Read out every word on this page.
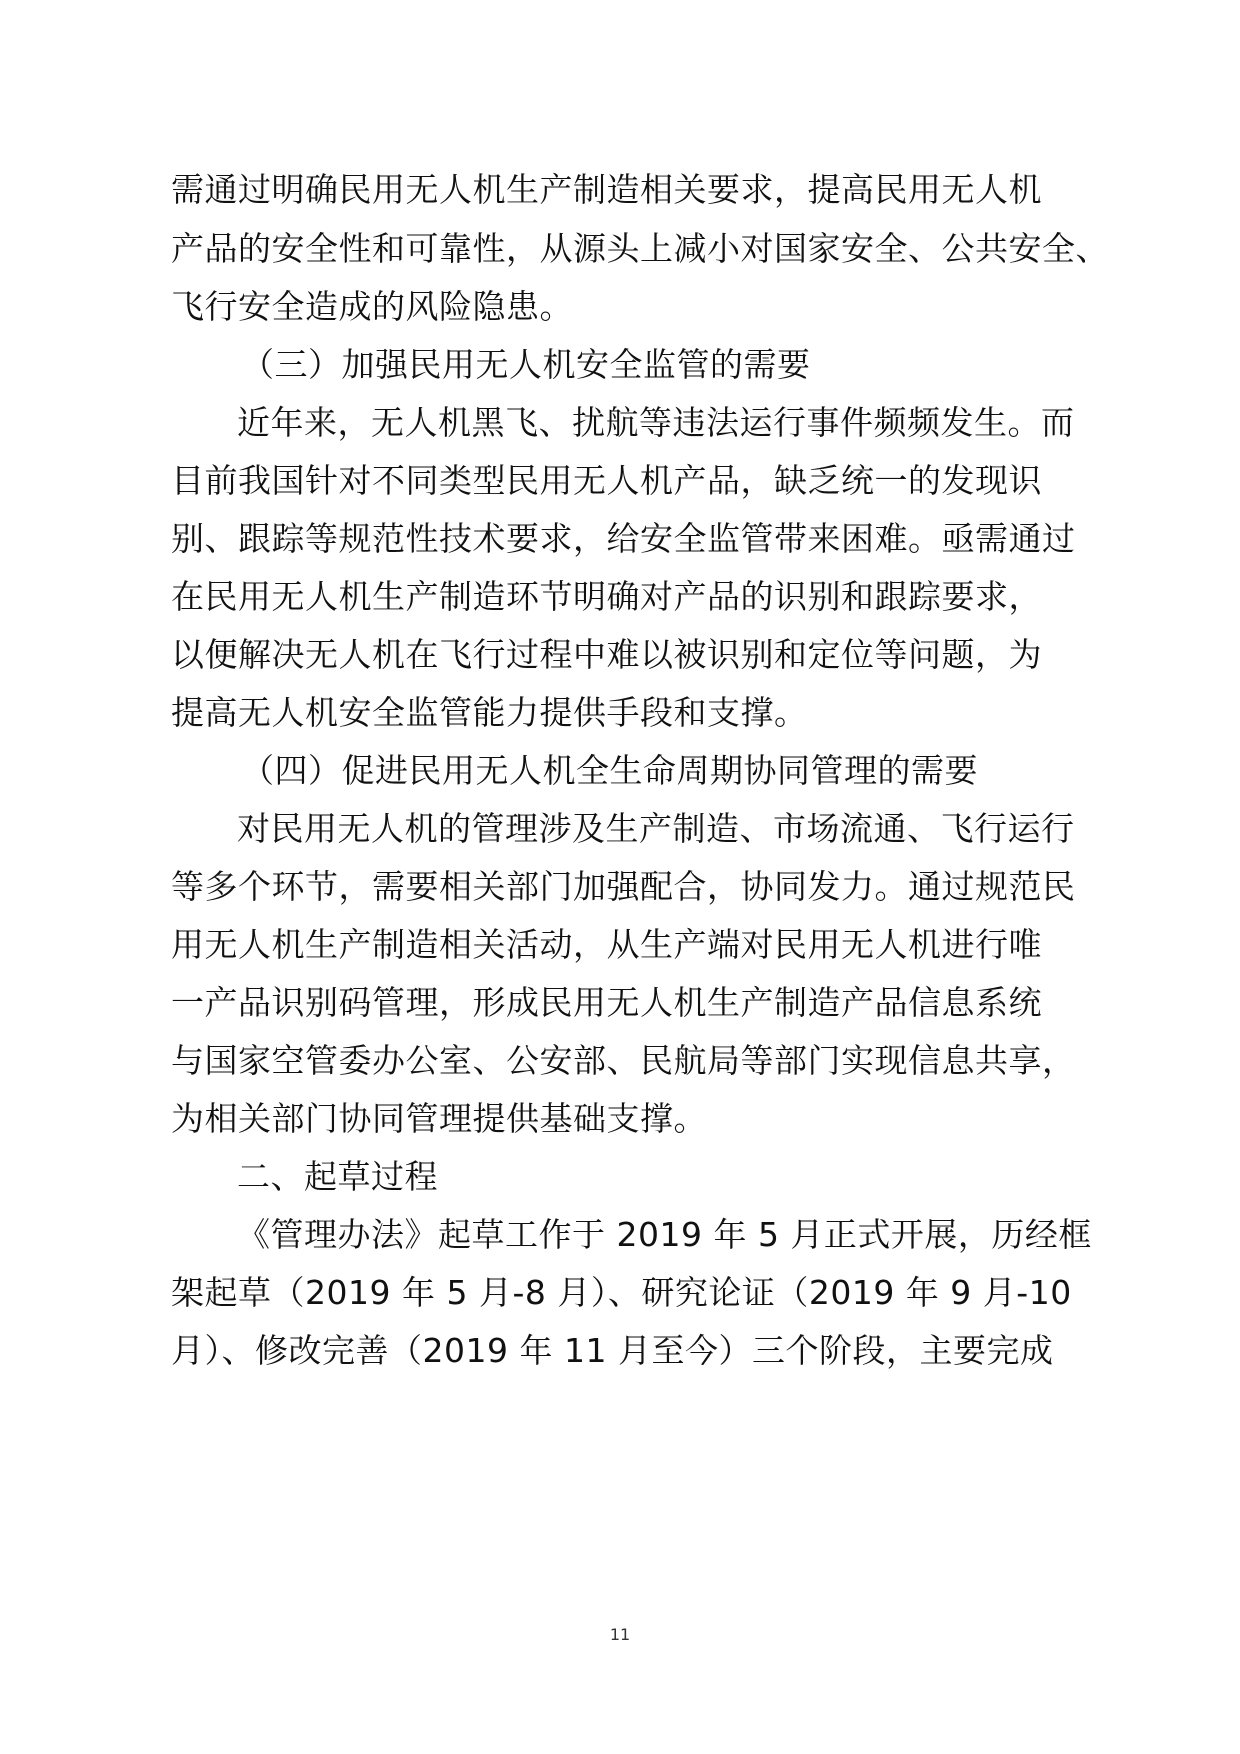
需通过明确民用无人机生产制造相关要求，提高民用无人机
产品的安全性和可靠性，从源头上减小对国家安全、公共安全、
飞行安全造成的风险隐患。
（三）加强民用无人机安全监管的需要
近年来，无人机黑飞、扰航等违法运行事件频频发生。而
目前我国针对不同类型民用无人机产品，缺乏统一的发现识
别、跟踪等规范性技术要求，给安全监管带来困难。亟需通过
在民用无人机生产制造环节明确对产品的识别和跟踪要求，
以便解决无人机在飞行过程中难以被识别和定位等问题，为
提高无人机安全监管能力提供手段和支撑。
（四）促进民用无人机全生命周期协同管理的需要
对民用无人机的管理涉及生产制造、市场流通、飞行运行
等多个环节，需要相关部门加强配合，协同发力。通过规范民
用无人机生产制造相关活动，从生产端对民用无人机进行唯
一产品识别码管理，形成民用无人机生产制造产品信息系统
与国家空管委办公室、公安部、民航局等部门实现信息共享，
为相关部门协同管理提供基础支撑。
二、起草过程
《管理办法》起草工作于 2019 年 5 月正式开展，历经框
架起草（2019 年 5 月-8 月）、研究论证（2019 年 9 月-10
月）、修改完善（2019 年 11 月至今）三个阶段，主要完成
11
